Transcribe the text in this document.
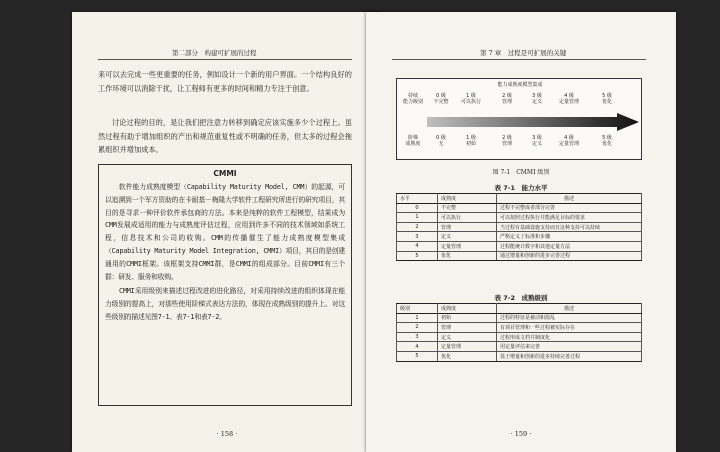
第二部分　构建可扩展的过程
来可以去完成一些更重要的任务，例如设计一个新的用户界面。一个结构良好的工作环境可以消除干扰，让工程师有更多的时间和精力专注于创意。
讨论过程的目的，是让我们把注意力转移到确定应该实施多少个过程上。虽然过程有助于增加组织的产出和规范重复性或不明确的任务，但太多的过程会拖累组织并增加成本。
CMMI

软件能力成熟度模型（Capability Maturity Model, CMM）的起源，可以追溯到一个军方资助的在卡耐基－梅隆大学软件工程研究所进行的研究项目，其目的是寻求一种评价软件承包商的方法。本来是纯粹的软件工程模型，结果成为CMM发展成适用的能力与成熟度评估过程，应用到许多不同的技术领域如系统工程，信息技术和公司的收购。CMM的传播催生了能力成熟度模型集成（Capability Maturity Model Integration, CMMI）项目，其目的是创建通用的CMMI框架。该框架支持CMMI群，是CMMI的组成部分。目前CMMI有三个群：研发、服务和收购。

CMMI采用级别来描述过程改进的进化路径，对采用持续改进的组织体现在能力级别的提高上，对那些使用阶梯式表达方法的，体现在成熟级别的提升上。对这些级别的描述见图7-1、表7-1和表7-2。

· 158 ·
第 7 章　过程是可扩展的关键
能力成熟度模型集成
持续
能力级别
阶梯
成熟度
0 级
不完整
1 级
可以执行
2 级
管理
3 级
定义
4 级
定量管理
5 级
优化
0 级
无
1 级
初始
2 级
管理
3 级
定义
4 级
定量管理
5 级
优化
图 7-1　CMMI 级别
表 7-1　能力水平
水平	成熟度	描述
0	不完整	过程不完整或者部分完善
1	可以执行	可以按照过程执行并能满足目标的要求
2	管理	当过程有基础设施支持而且这种支持可以持续
3	定义	严格定义了标准和步骤
4	定量管理	过程能统计数字和其他定量方法
5	优化	通过增量和创新的进步完善过程
表 7-2　成熟级别
级别	成熟度	描述
1	初始	过程的特征是被动和混乱
2	管理	有项目管理和一些过程被实际存在
3	定义	过程形成文档并制度化
4	定量管理	用定量评估来完善
5	优化	基于增量和创新的进步持续完善过程
· 159 ·
